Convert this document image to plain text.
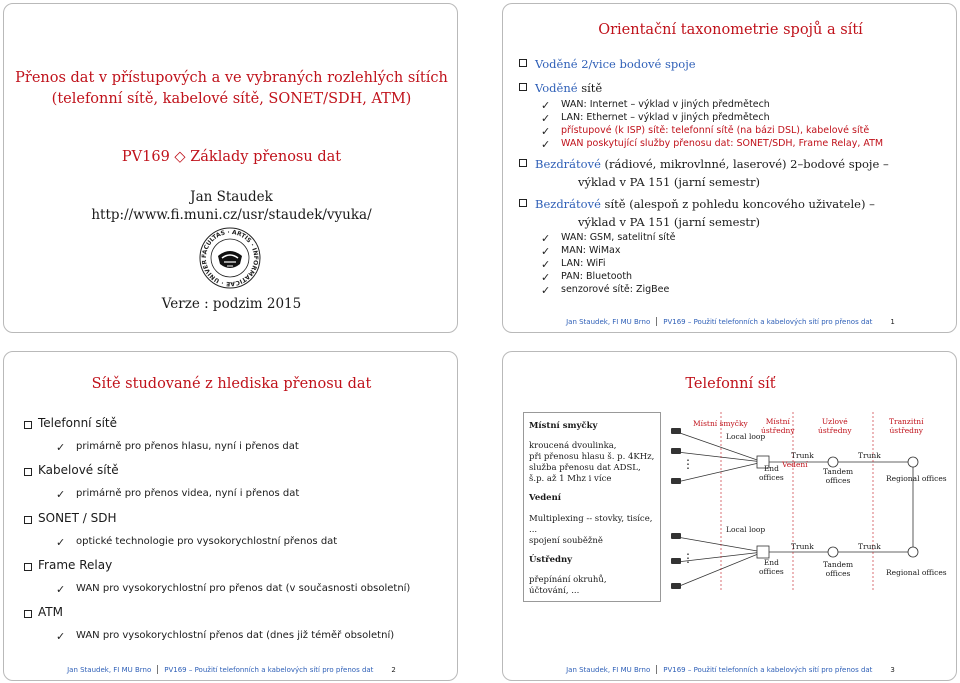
Přenos dat v přístupových a ve vybraných rozlehlých sítích
(telefonní sítě, kabelové sítě, SONET/SDH, ATM)
PV169 ◇ Základy přenosu dat
Jan Staudek
http://www.fi.muni.cz/usr/staudek/vyuka/
FACULTAS · ARTIS · INFORMATICAE · UNIVER
Verze : podzim 2015
Orientační taxonometrie spojů a sítí
Voděné 2/vice bodové spoje
Voděné sítě
✓ WAN: Internet – výklad v jiných předmětech
✓ LAN: Ethernet – výklad v jiných předmětech
✓ přístupové (k ISP) sítě: telefonní sítě (na bázi DSL), kabelové sítě
✓ WAN poskytující služby přenosu dat: SONET/SDH, Frame Relay, ATM
Bezdrátové (rádiové, mikrovlnné, laserové) 2–bodové spoje –
výklad v PA 151 (jarní semestr)
Bezdrátové sítě (alespoň z pohledu koncového uživatele) –
výklad v PA 151 (jarní semestr)
✓ WAN: GSM, satelitní sítě
✓ MAN: WiMax
✓ LAN: WiFi
✓ PAN: Bluetooth
✓ senzorové sítě: ZigBee
Jan Staudek, FI MU Brno PV169 – Použití telefonních a kabelových sítí pro přenos dat	1
Sítě studované z hlediska přenosu dat
Telefonní sítě
✓ primárně pro přenos hlasu, nyní i přenos dat
Kabelové sítě
✓ primárně pro přenos videa, nyní i přenos dat
SONET / SDH
✓ optické technologie pro vysokorychlostní přenos dat
Frame Relay
✓ WAN pro vysokorychlostní pro přenos dat (v současnosti obsoletní)
ATM
✓ WAN pro vysokorychlostní přenos dat (dnes již téměř obsoletní)
Jan Staudek, FI MU Brno PV169 – Použití telefonních a kabelových sítí pro přenos dat	2
Telefonní síť
Místní smyčky
kroucená dvoulinka,
při přenosu hlasu š. p. 4KHz,
služba přenosu dat ADSL,
š.p. až 1 Mhz i více
Vedení
Multiplexing -- stovky, tisíce, ...
spojení souběžně
Ústředny
přepínání okruhů,
účtování, ...
Místní smyčky	Místní
ústředny
Uzlové
ústředny
Tranzitní
ústředny
Local loop
Trunk	Trunk
Vedení
End
offices
Tandem
offices	Regional offices
Local loop
Trunk	Trunk
End
offices
Tandem
offices	Regional offices
⋮
⋮
Jan Staudek, FI MU Brno PV169 – Použití telefonních a kabelových sítí pro přenos dat	3
